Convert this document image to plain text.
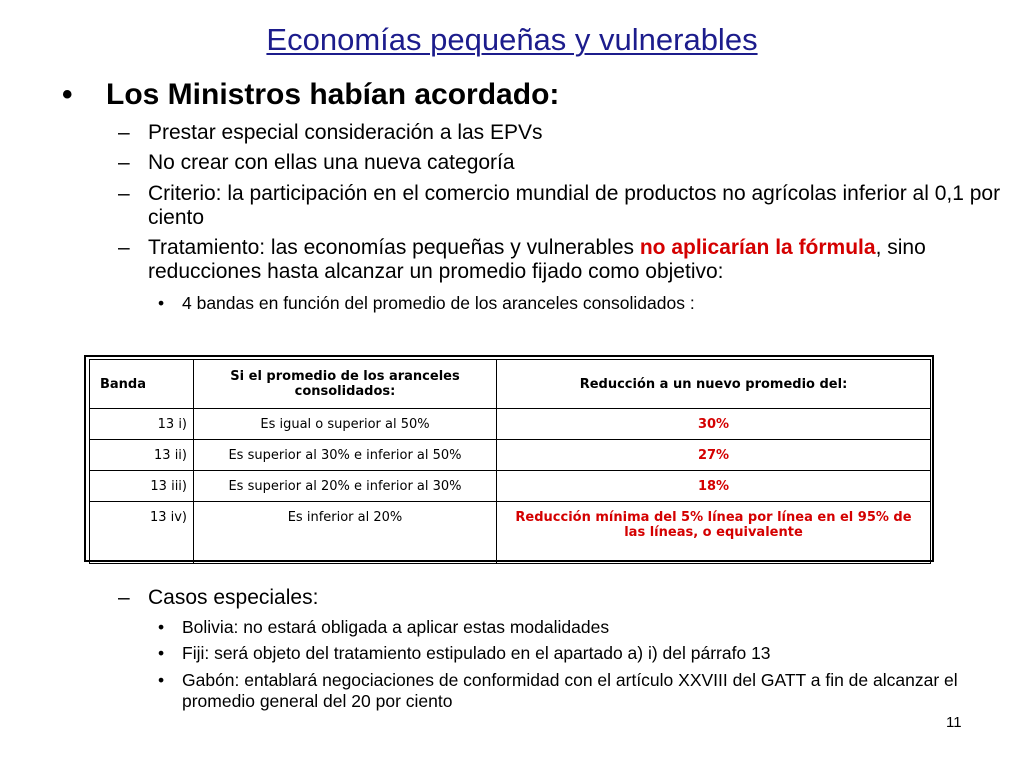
Economías pequeñas y vulnerables
• Los Ministros habían acordado:
– Prestar especial consideración a las EPVs
– No crear con ellas una nueva categoría
– Criterio: la participación en el comercio mundial de productos no agrícolas inferior al 0,1 por ciento
– Tratamiento: las economías pequeñas y vulnerables no aplicarían la fórmula, sino reducciones hasta alcanzar un promedio fijado como objetivo:
• 4 bandas en función del promedio de los aranceles consolidados :
Banda	Si el promedio de los aranceles consolidados:	Reducción a un nuevo promedio del:
13 i)	Es igual o superior al 50%	30%
13 ii)	Es superior al 30% e inferior al 50%	27%
13 iii)	Es superior al 20% e inferior al 30%	18%
13 iv)	Es inferior al 20%	Reducción mínima del 5% línea por línea en el 95% de las líneas, o equivalente
– Casos especiales:
• Bolivia: no estará obligada a aplicar estas modalidades
• Fiji: será objeto del tratamiento estipulado en el apartado a) i) del párrafo 13
• Gabón: entablará negociaciones de conformidad con el artículo XXVIII del GATT a fin de alcanzar el promedio general del 20 por ciento
11
